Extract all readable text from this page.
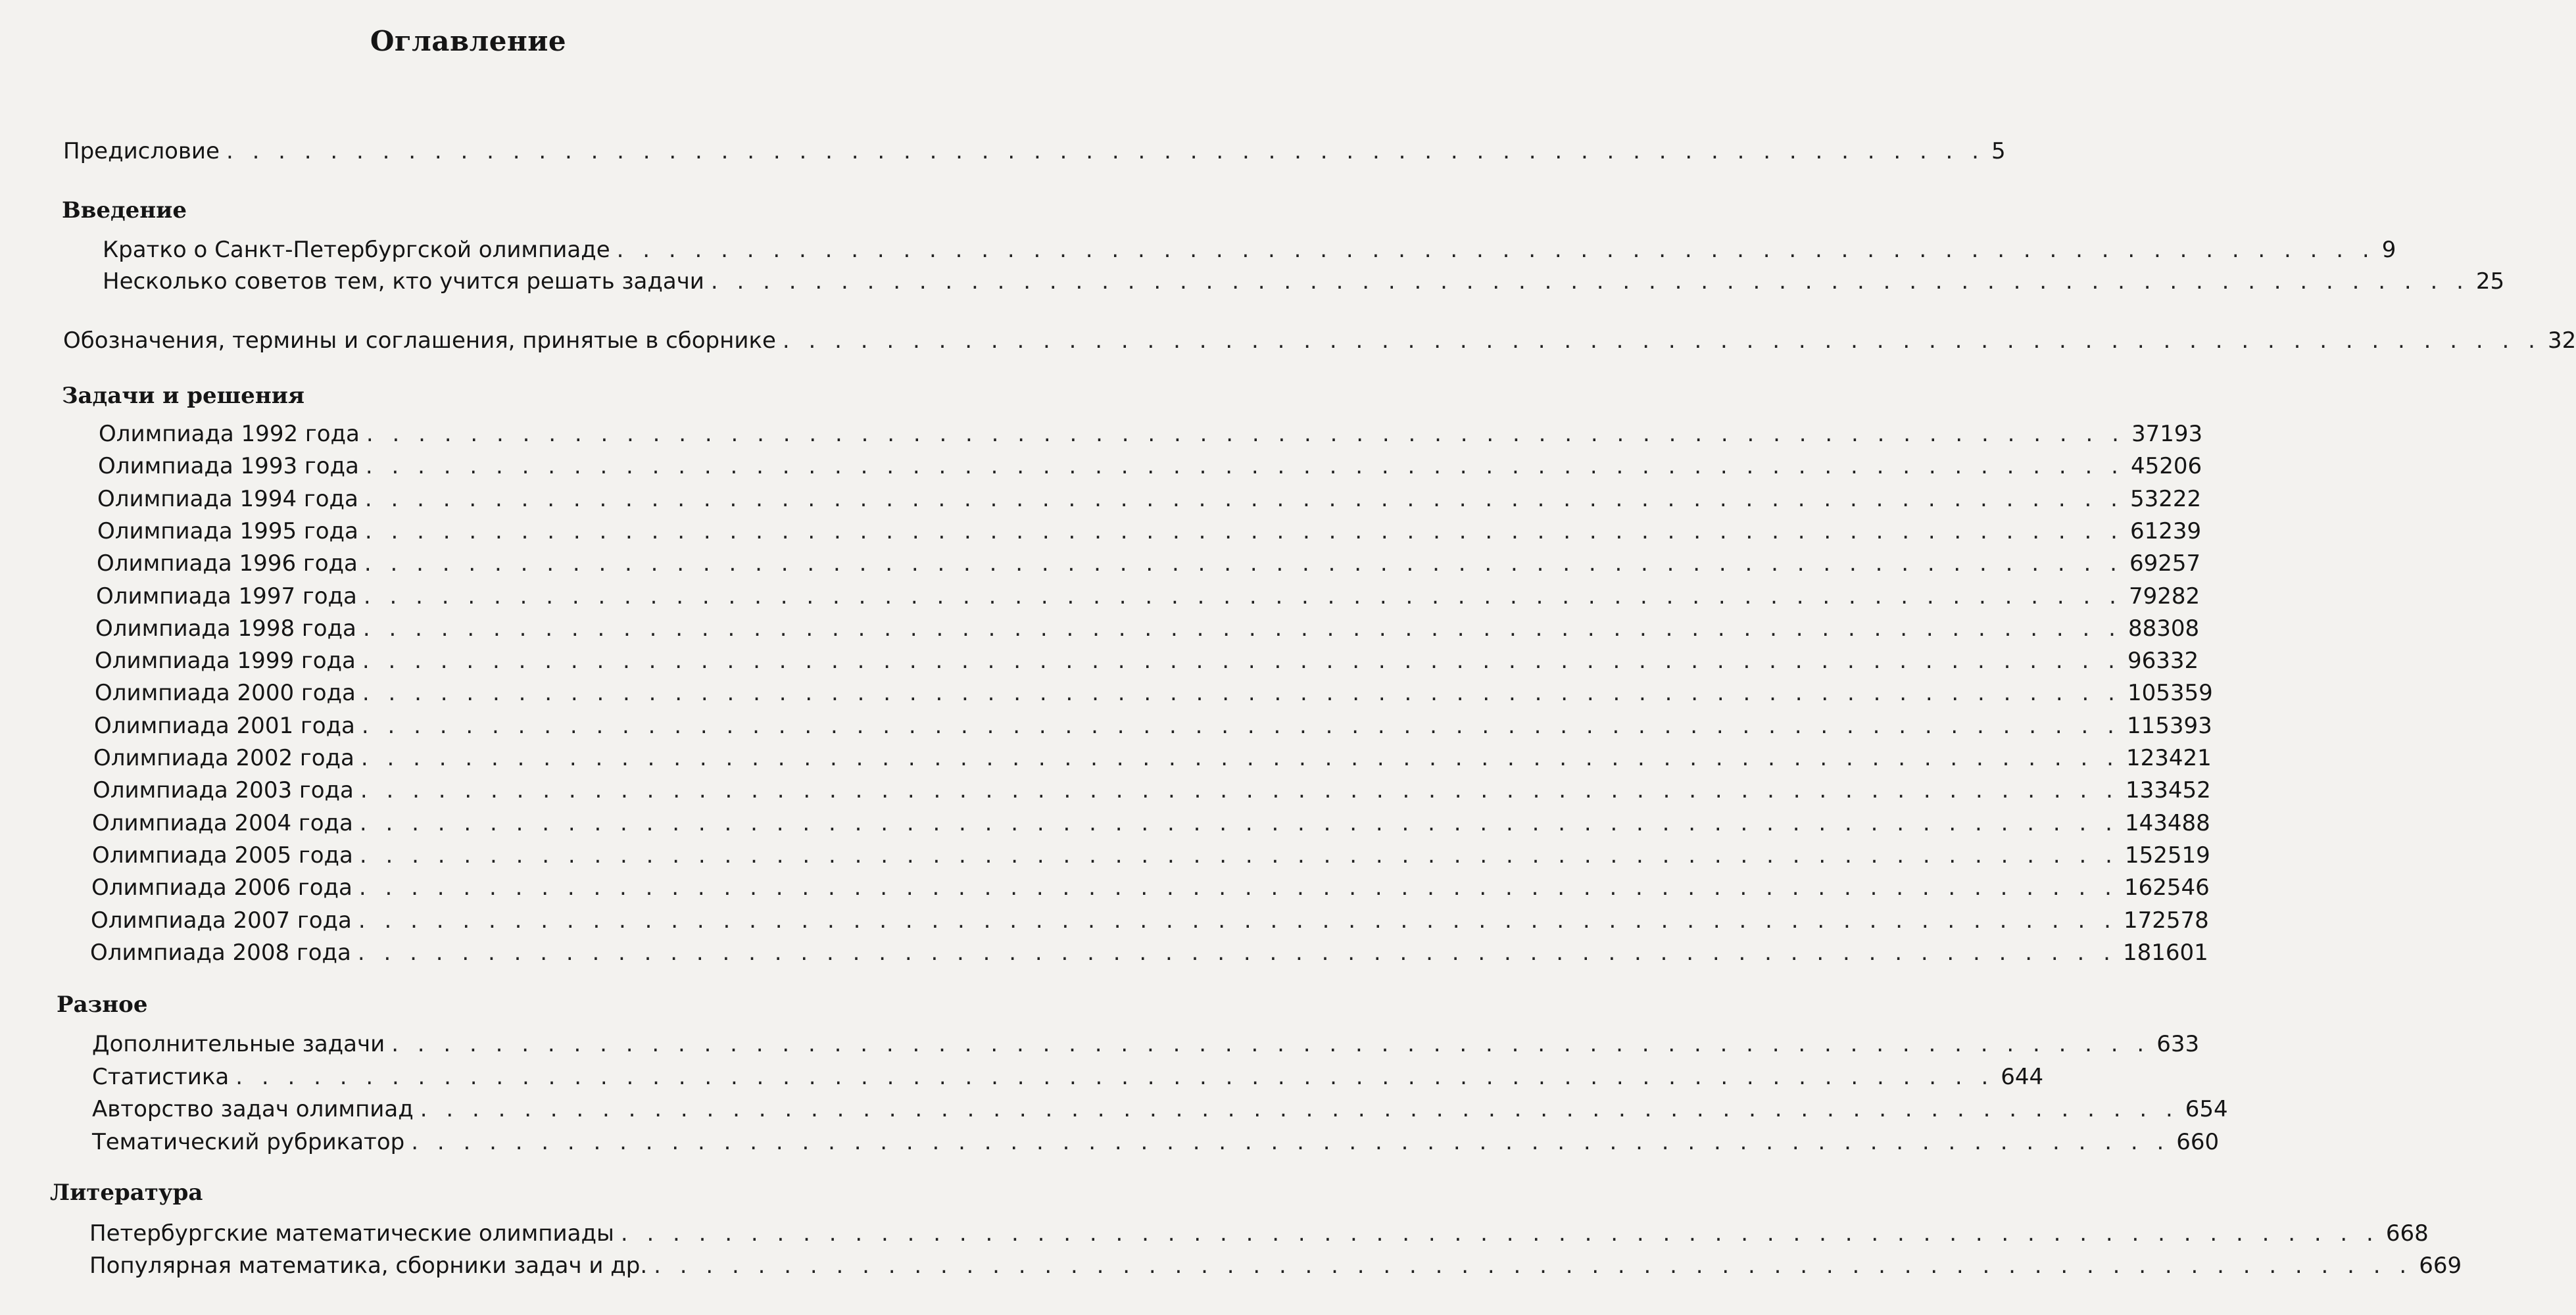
Оглавление
Предисловие . . . . . . . . . . . . . . . . . . . . . . . . . . . . . . . . . . . . . . . . . . . . . . . . . . . . . . . . . . . . . . . . . . . . 5
Введение
Кратко о Санкт-Петербургской олимпиаде . . . . . . . . . . . . . . . . . . . . . . . . . . . . . . . . . . . . . . . . . . . . . . . . . . . . . . . . . . . . . . . . . . . . 9
Несколько советов тем, кто учится решать задачи . . . . . . . . . . . . . . . . . . . . . . . . . . . . . . . . . . . . . . . . . . . . . . . . . . . . . . . . . . . . . . . . . . . . 25
Обозначения, термины и соглашения, принятые в сборнике . . . . . . . . . . . . . . . . . . . . . . . . . . . . . . . . . . . . . . . . . . . . . . . . . . . . . . . . . . . . . . . . . . . . 32
Задачи и решения
Олимпиада 1992 года . . . . . . . . . . . . . . . . . . . . . . . . . . . . . . . . . . . . . . . . . . . . . . . . . . . . . . . . . . . . . . . . . . . . 37 193
Олимпиада 1993 года . . . . . . . . . . . . . . . . . . . . . . . . . . . . . . . . . . . . . . . . . . . . . . . . . . . . . . . . . . . . . . . . . . . . 45 206
Олимпиада 1994 года . . . . . . . . . . . . . . . . . . . . . . . . . . . . . . . . . . . . . . . . . . . . . . . . . . . . . . . . . . . . . . . . . . . . 53 222
Олимпиада 1995 года . . . . . . . . . . . . . . . . . . . . . . . . . . . . . . . . . . . . . . . . . . . . . . . . . . . . . . . . . . . . . . . . . . . . 61 239
Олимпиада 1996 года . . . . . . . . . . . . . . . . . . . . . . . . . . . . . . . . . . . . . . . . . . . . . . . . . . . . . . . . . . . . . . . . . . . . 69 257
Олимпиада 1997 года . . . . . . . . . . . . . . . . . . . . . . . . . . . . . . . . . . . . . . . . . . . . . . . . . . . . . . . . . . . . . . . . . . . . 79 282
Олимпиада 1998 года . . . . . . . . . . . . . . . . . . . . . . . . . . . . . . . . . . . . . . . . . . . . . . . . . . . . . . . . . . . . . . . . . . . . 88 308
Олимпиада 1999 года . . . . . . . . . . . . . . . . . . . . . . . . . . . . . . . . . . . . . . . . . . . . . . . . . . . . . . . . . . . . . . . . . . . . 96 332
Олимпиада 2000 года . . . . . . . . . . . . . . . . . . . . . . . . . . . . . . . . . . . . . . . . . . . . . . . . . . . . . . . . . . . . . . . . . . . . 105 359
Олимпиада 2001 года . . . . . . . . . . . . . . . . . . . . . . . . . . . . . . . . . . . . . . . . . . . . . . . . . . . . . . . . . . . . . . . . . . . . 115 393
Олимпиада 2002 года . . . . . . . . . . . . . . . . . . . . . . . . . . . . . . . . . . . . . . . . . . . . . . . . . . . . . . . . . . . . . . . . . . . . 123 421
Олимпиада 2003 года . . . . . . . . . . . . . . . . . . . . . . . . . . . . . . . . . . . . . . . . . . . . . . . . . . . . . . . . . . . . . . . . . . . . 133 452
Олимпиада 2004 года . . . . . . . . . . . . . . . . . . . . . . . . . . . . . . . . . . . . . . . . . . . . . . . . . . . . . . . . . . . . . . . . . . . . 143 488
Олимпиада 2005 года . . . . . . . . . . . . . . . . . . . . . . . . . . . . . . . . . . . . . . . . . . . . . . . . . . . . . . . . . . . . . . . . . . . . 152 519
Олимпиада 2006 года . . . . . . . . . . . . . . . . . . . . . . . . . . . . . . . . . . . . . . . . . . . . . . . . . . . . . . . . . . . . . . . . . . . . 162 546
Олимпиада 2007 года . . . . . . . . . . . . . . . . . . . . . . . . . . . . . . . . . . . . . . . . . . . . . . . . . . . . . . . . . . . . . . . . . . . . 172 578
Олимпиада 2008 года . . . . . . . . . . . . . . . . . . . . . . . . . . . . . . . . . . . . . . . . . . . . . . . . . . . . . . . . . . . . . . . . . . . . 181 601
Разное
Дополнительные задачи . . . . . . . . . . . . . . . . . . . . . . . . . . . . . . . . . . . . . . . . . . . . . . . . . . . . . . . . . . . . . . . . . . . . 633
Статистика . . . . . . . . . . . . . . . . . . . . . . . . . . . . . . . . . . . . . . . . . . . . . . . . . . . . . . . . . . . . . . . . . . . . 644
Авторство задач олимпиад . . . . . . . . . . . . . . . . . . . . . . . . . . . . . . . . . . . . . . . . . . . . . . . . . . . . . . . . . . . . . . . . . . . . 654
Тематический рубрикатор . . . . . . . . . . . . . . . . . . . . . . . . . . . . . . . . . . . . . . . . . . . . . . . . . . . . . . . . . . . . . . . . . . . . 660
Литература
Петербургские математические олимпиады . . . . . . . . . . . . . . . . . . . . . . . . . . . . . . . . . . . . . . . . . . . . . . . . . . . . . . . . . . . . . . . . . . . . 668
Популярная математика, сборники задач и др. . . . . . . . . . . . . . . . . . . . . . . . . . . . . . . . . . . . . . . . . . . . . . . . . . . . . . . . . . . . . . . . . . . . . 669
